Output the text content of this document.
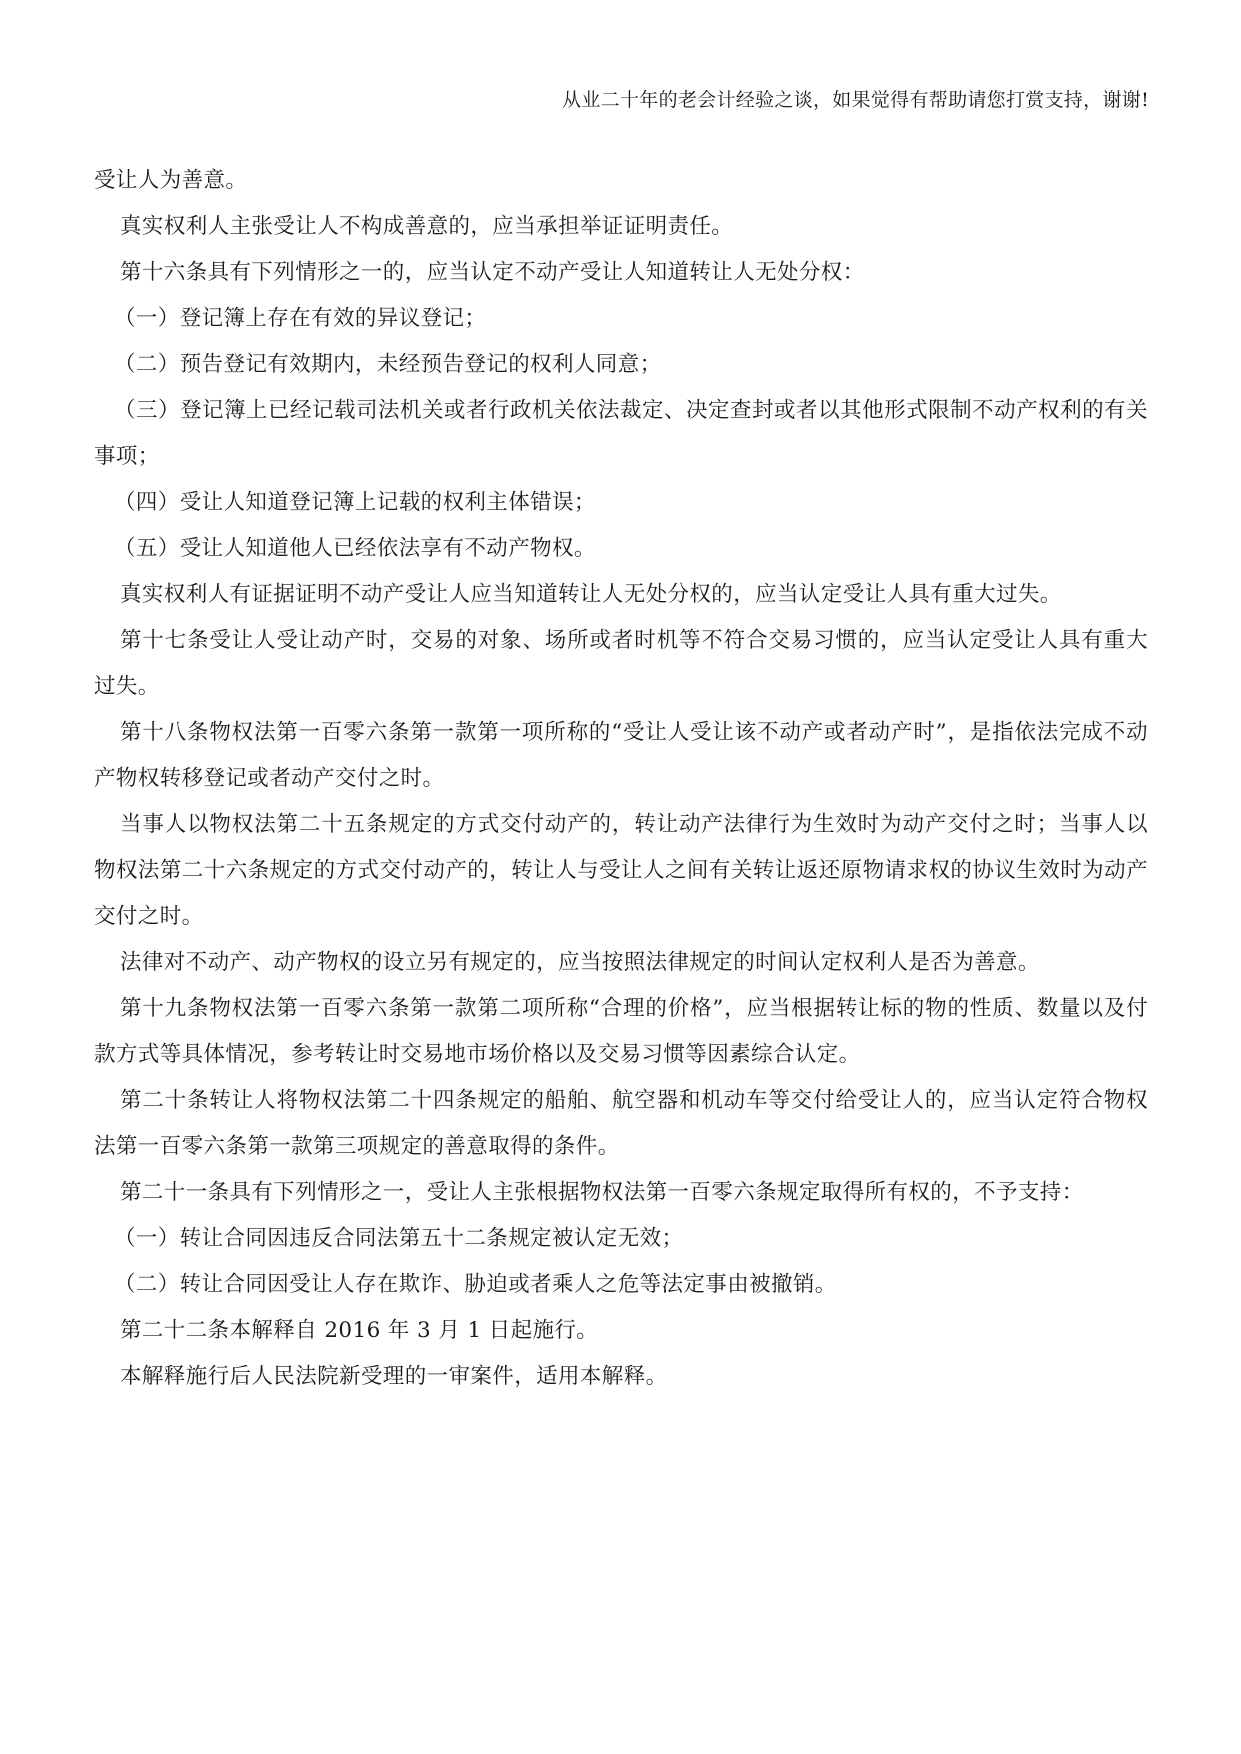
从业二十年的老会计经验之谈，如果觉得有帮助请您打赏支持，谢谢!

受让人为善意。

真实权利人主张受让人不构成善意的，应当承担举证证明责任。

第十六条具有下列情形之一的，应当认定不动产受让人知道转让人无处分权：

（一）登记簿上存在有效的异议登记；

（二）预告登记有效期内，未经预告登记的权利人同意；

（三）登记簿上已经记载司法机关或者行政机关依法裁定、决定查封或者以其他形式限制不动产权利的有关事项；

（四）受让人知道登记簿上记载的权利主体错误；

（五）受让人知道他人已经依法享有不动产物权。

真实权利人有证据证明不动产受让人应当知道转让人无处分权的，应当认定受让人具有重大过失。

第十七条受让人受让动产时，交易的对象、场所或者时机等不符合交易习惯的，应当认定受让人具有重大过失。

第十八条物权法第一百零六条第一款第一项所称的“受让人受让该不动产或者动产时”，是指依法完成不动产物权转移登记或者动产交付之时。

当事人以物权法第二十五条规定的方式交付动产的，转让动产法律行为生效时为动产交付之时；当事人以物权法第二十六条规定的方式交付动产的，转让人与受让人之间有关转让返还原物请求权的协议生效时为动产交付之时。

法律对不动产、动产物权的设立另有规定的，应当按照法律规定的时间认定权利人是否为善意。

第十九条物权法第一百零六条第一款第二项所称“合理的价格”，应当根据转让标的物的性质、数量以及付款方式等具体情况，参考转让时交易地市场价格以及交易习惯等因素综合认定。

第二十条转让人将物权法第二十四条规定的船舶、航空器和机动车等交付给受让人的，应当认定符合物权法第一百零六条第一款第三项规定的善意取得的条件。

第二十一条具有下列情形之一，受让人主张根据物权法第一百零六条规定取得所有权的，不予支持：

（一）转让合同因违反合同法第五十二条规定被认定无效；

（二）转让合同因受让人存在欺诈、胁迫或者乘人之危等法定事由被撤销。

第二十二条本解释自 2016 年 3 月 1 日起施行。

本解释施行后人民法院新受理的一审案件，适用本解释。
